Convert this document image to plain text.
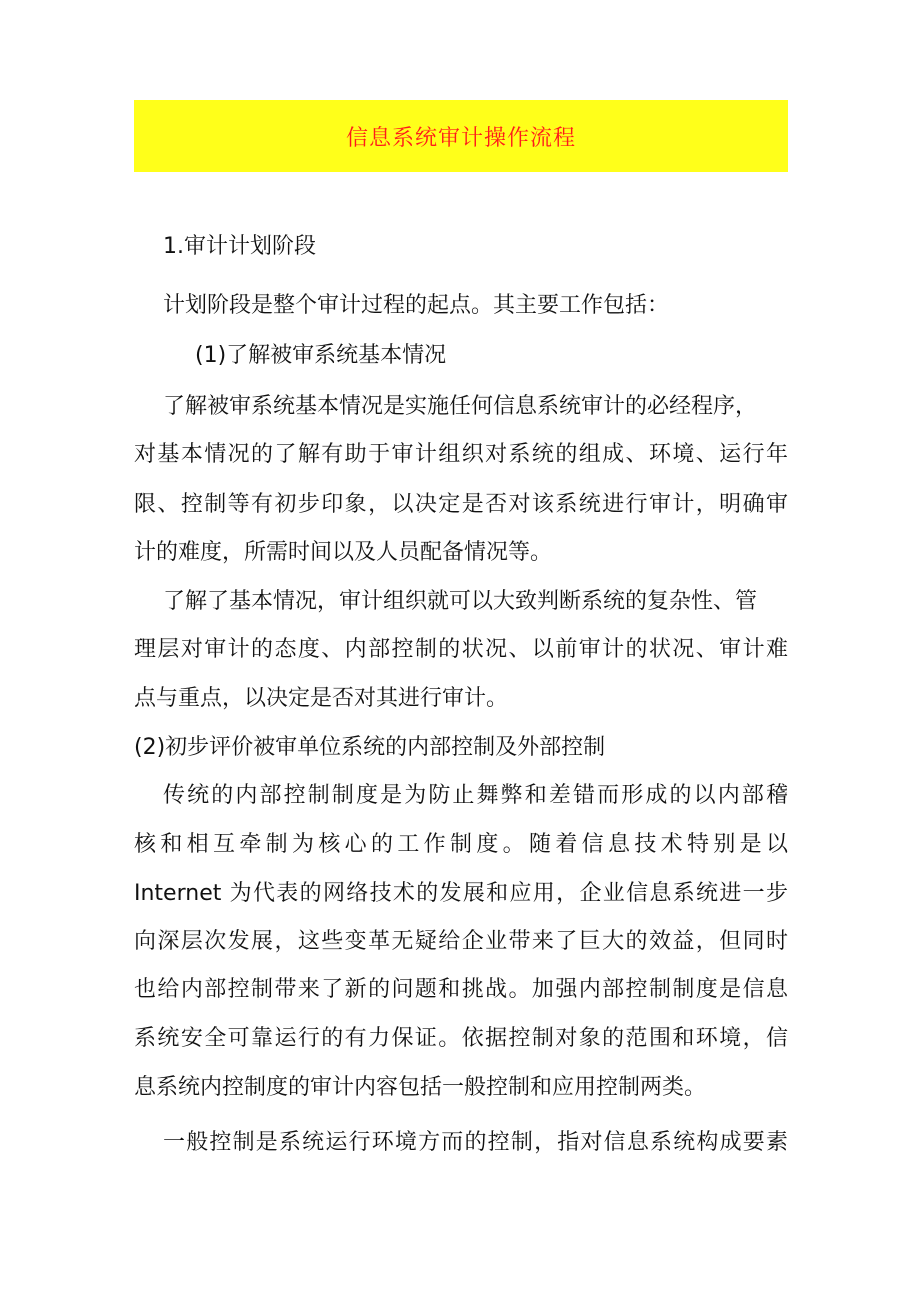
信息系统审计操作流程
1.审计计划阶段
计划阶段是整个审计过程的起点。其主要工作包括：
(1)了解被审系统基本情况
了解被审系统基本情况是实施任何信息系统审计的必经程序，
对基本情况的了解有助于审计组织对系统的组成、环境、运行年
限、控制等有初步印象，以决定是否对该系统进行审计，明确审
计的难度，所需时间以及人员配备情况等。
了解了基本情况，审计组织就可以大致判断系统的复杂性、管
理层对审计的态度、内部控制的状况、以前审计的状况、审计难
点与重点，以决定是否对其进行审计。
(2)初步评价被审单位系统的内部控制及外部控制
传统的内部控制制度是为防止舞弊和差错而形成的以内部稽
核和相互牵制为核心的工作制度。随着信息技术特别是以
Internet 为代表的网络技术的发展和应用，企业信息系统进一步
向深层次发展，这些变革无疑给企业带来了巨大的效益，但同时
也给内部控制带来了新的问题和挑战。加强内部控制制度是信息
系统安全可靠运行的有力保证。依据控制对象的范围和环境，信
息系统内控制度的审计内容包括一般控制和应用控制两类。
一般控制是系统运行环境方而的控制，指对信息系统构成要素
